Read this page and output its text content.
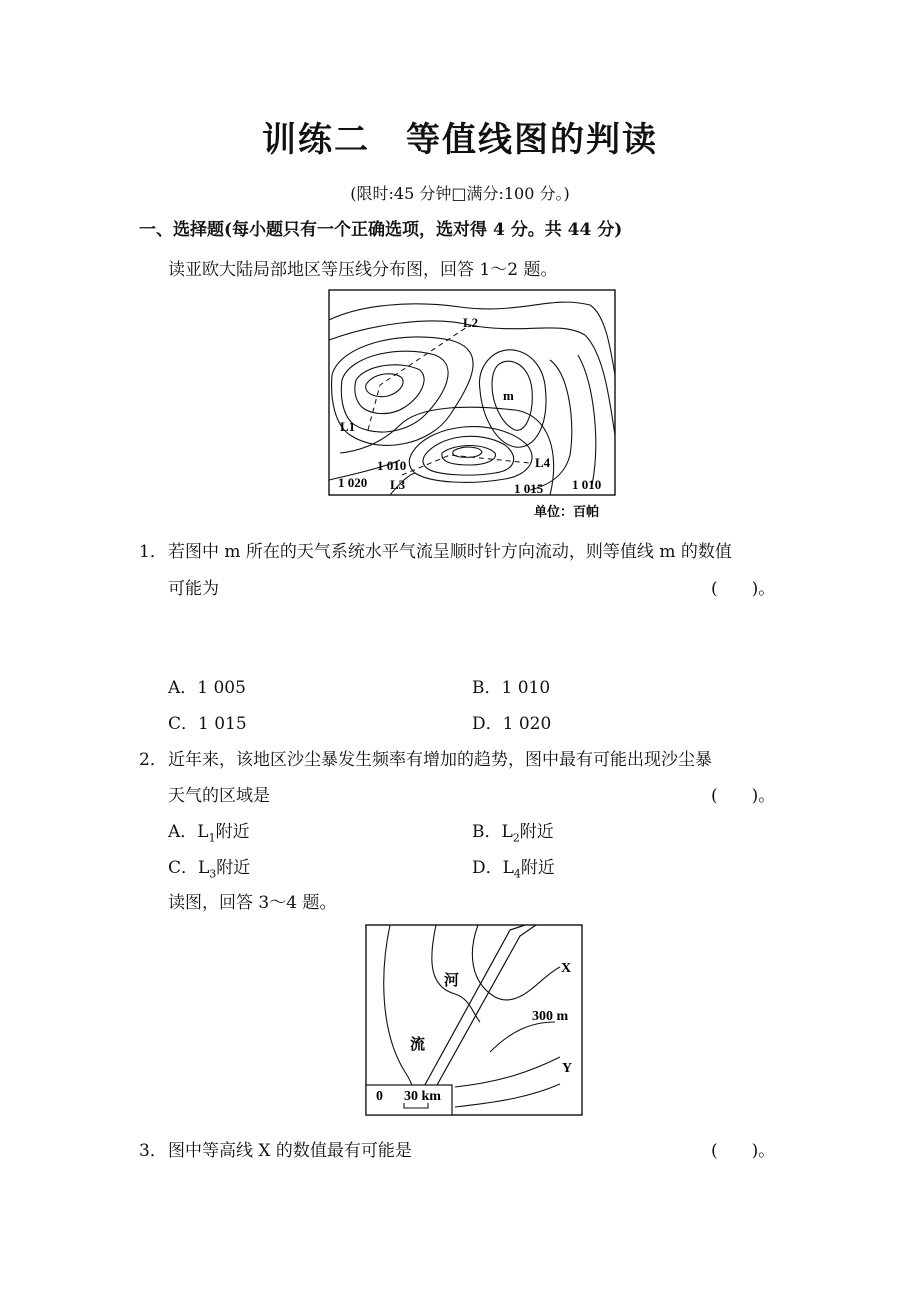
训练二　等值线图的判读
(限时:45 分钟□满分:100 分。)
一、选择题(每小题只有一个正确选项，选对得 4 分。共 44 分)
读亚欧大陆局部地区等压线分布图，回答 1～2 题。
L2
L1
m
L4
L3
1 010
1 020	1 015 1 010
单位：百帕
1． 若图中 m 所在的天气系统水平气流呈顺时针方向流动，则等值线 m 的数值
可能为	(　　)。
A．1 005	B．1 010
C．1 015	D．1 020
2． 近年来，该地区沙尘暴发生频率有增加的趋势，图中最有可能出现沙尘暴
天气的区域是	(　　)。
A．$L_1$附近	B．$L_2$附近
C．$L_3$附近	D．$L_4$附近
读图，回答 3～4 题。
河
流
X
300 m
Y
0 30 km
3． 图中等高线 X 的数值最有可能是	(　　)。
